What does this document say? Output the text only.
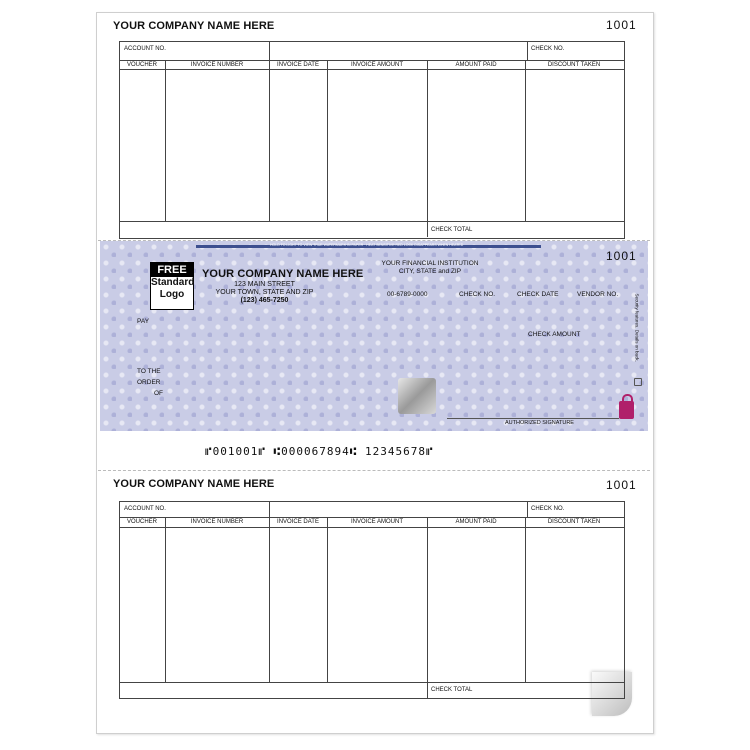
YOUR COMPANY NAME HERE	1001
ACCOUNT NO.	CHECK NO.
VOUCHER	INVOICE NUMBER	INVOICE DATE	INVOICE AMOUNT	AMOUNT PAID	DISCOUNT TAKEN
CHECK TOTAL
HOLD TO LIGHT TO VIEW TRUE WATERMARK IN PAPER · HEAT SENSITIVE RED LOCK DISAPPEARS WHEN HEATED
1001
FREE
Standard
Logo
YOUR COMPANY NAME HERE
123 MAIN STREET
YOUR TOWN, STATE AND ZIP
(123) 465-7250
YOUR FINANCIAL INSTITUTION
CITY, STATE and ZIP
00-6789-0000	CHECK NO.	CHECK DATE	VENDOR NO.
CHECK AMOUNT
PAY
TO THE
ORDER
OF
AUTHORIZED SIGNATURE
Security features. Details on back.
⑈001001⑈ ⑆000067894⑆ 12345678⑈
YOUR COMPANY NAME HERE	1001
ACCOUNT NO.	CHECK NO.
VOUCHER	INVOICE NUMBER	INVOICE DATE	INVOICE AMOUNT	AMOUNT PAID	DISCOUNT TAKEN
CHECK TOTAL
